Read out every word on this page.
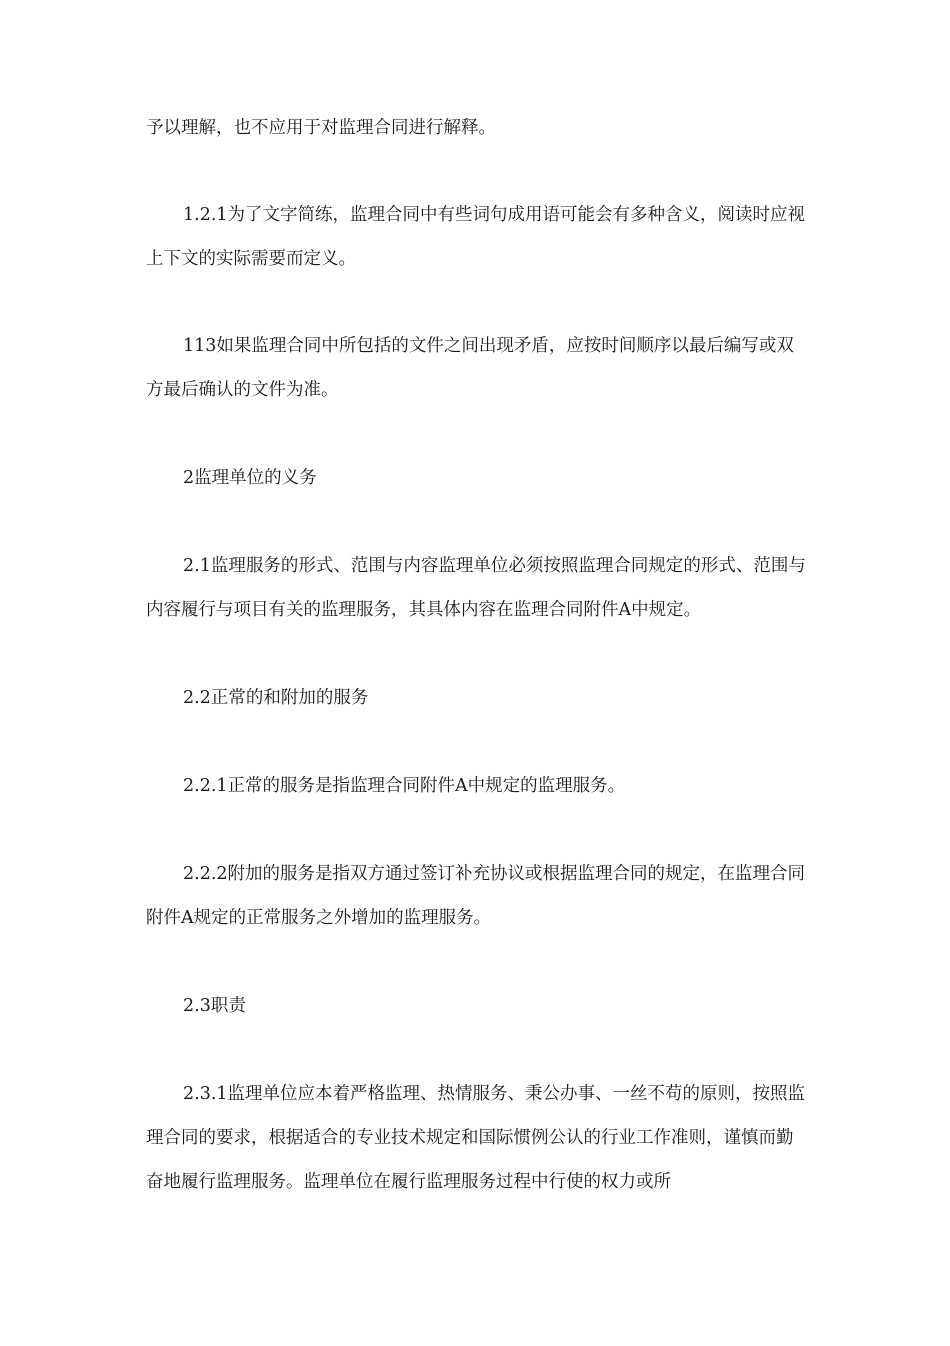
予以理解，也不应用于对监理合同进行解释。

1.2.1为了文字简练，监理合同中有些词句成用语可能会有多种含义，阅读时应视上下文的实际需要而定义。

113如果监理合同中所包括的文件之间出现矛盾，应按时间顺序以最后编写或双方最后确认的文件为准。

2监理单位的义务

2.1监理服务的形式、范围与内容监理单位必须按照监理合同规定的形式、范围与内容履行与项目有关的监理服务，其具体内容在监理合同附件A中规定。

2.2正常的和附加的服务

2.2.1正常的服务是指监理合同附件A中规定的监理服务。

2.2.2附加的服务是指双方通过签订补充协议或根据监理合同的规定，在监理合同附件A规定的正常服务之外增加的监理服务。

2.3职责

2.3.1监理单位应本着严格监理、热情服务、秉公办事、一丝不苟的原则，按照监理合同的要求，根据适合的专业技术规定和国际惯例公认的行业工作准则，谨慎而勤奋地履行监理服务。监理单位在履行监理服务过程中行使的权力或所
